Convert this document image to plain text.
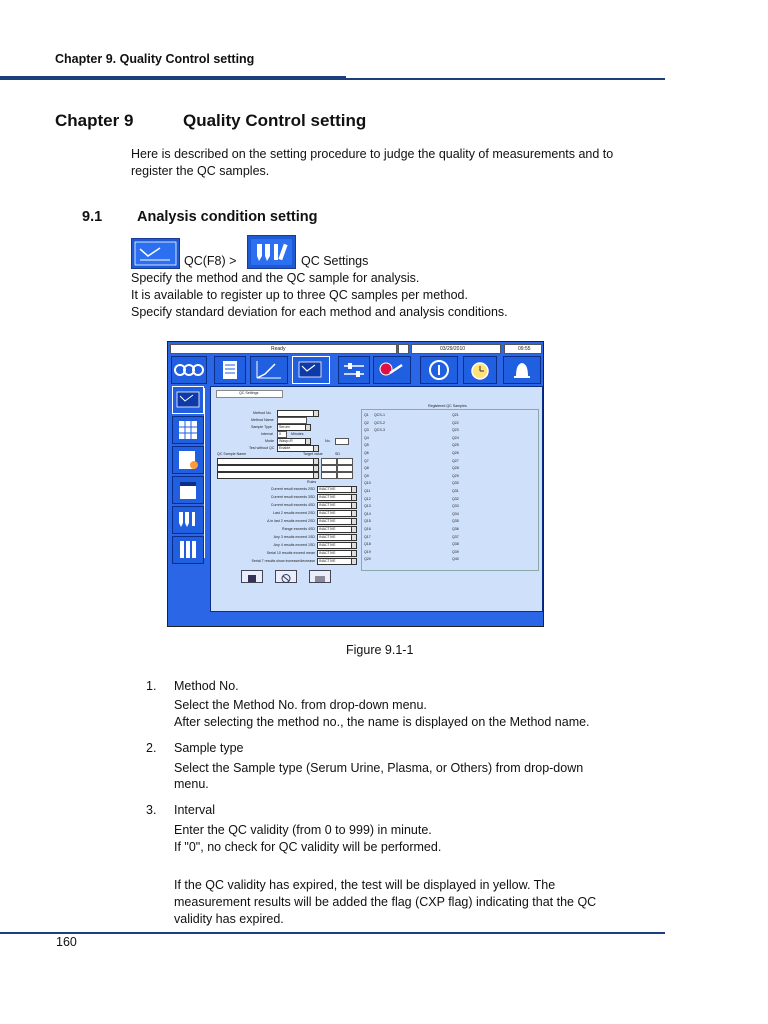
Chapter 9. Quality Control setting
Chapter 9	Quality Control setting
Here is described on the setting procedure to judge the quality of measurements and to
register the QC samples.
9.1 Analysis condition setting
QC(F8) >	QC Settings
Specify the method and the QC sample for analysis.
It is available to register up to three QC samples per method.
Specify standard deviation for each method and analysis conditions.
Ready	03/29/2010	09:55
QC Settings
Method No.
Method Name
Sample Type Serum
Interval 0	Minutes
Mode Wasp=R	No.
Test without QC Enable
QC Sample Name	Target value	SD
Rules
Current result exceeds 2SD INACTIVE
Current result exceeds 3SD INACTIVE
Current result exceeds 4SD INACTIVE
Last 2 results exceed 2SD INACTIVE
∆ in last 2 results exceed 2SD INACTIVE
Range exceeds 4SD INACTIVE
Any 3 results exceed 1SD INACTIVE
Any 4 results exceed 1SD INACTIVE
Serial 10 results exceed mean INACTIVE
Serial 7 results show increase/decrease INACTIVE
Registered QC Samples
Q1 QCS-1	Q21
Q2 QCS-2	Q22
Q3 QCS-3	Q23
Q4	Q24
Q5	Q25
Q6	Q26
Q7	Q27
Q8	Q28
Q9	Q29
Q10	Q30
Q11	Q31
Q12	Q32
Q13	Q33
Q14	Q34
Q15	Q35
Q16	Q36
Q17	Q37
Q18	Q38
Q19	Q39
Q20	Q40
Figure 9.1-1
1. Method No.
Select the Method No. from drop-down menu.
After selecting the method no., the name is displayed on the Method name.
2. Sample type
Select the Sample type (Serum Urine, Plasma, or Others) from drop-down
menu.
3. Interval
Enter the QC validity (from 0 to 999) in minute.
If "0", no check for QC validity will be performed.
If the QC validity has expired, the test will be displayed in yellow. The
measurement results will be added the flag (CXP flag) indicating that the QC
validity has expired.
160
